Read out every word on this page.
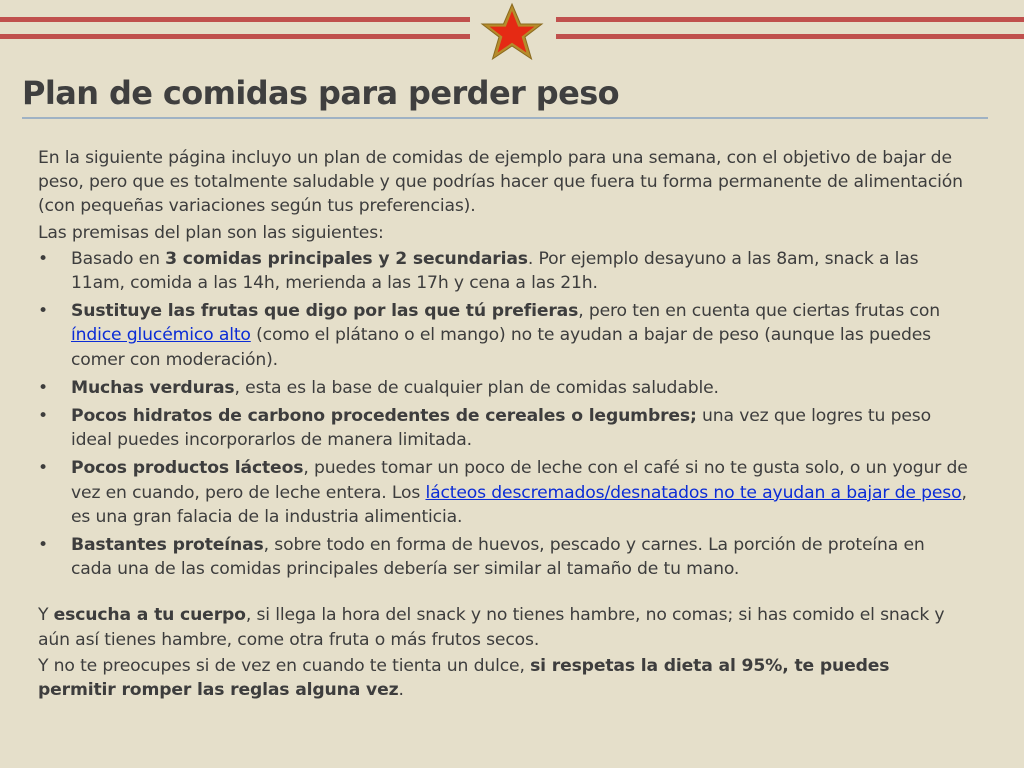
Plan de comidas para perder peso

En la siguiente página incluyo un plan de comidas de ejemplo para una semana, con el objetivo de bajar de peso, pero que es totalmente saludable y que podrías hacer que fuera tu forma permanente de alimentación (con pequeñas variaciones según tus preferencias).

Las premisas del plan son las siguientes:

• Basado en 3 comidas principales y 2 secundarias. Por ejemplo desayuno a las 8am, snack a las 11am, comida a las 14h, merienda a las 17h y cena a las 21h.
• Sustituye las frutas que digo por las que tú prefieras, pero ten en cuenta que ciertas frutas con índice glucémico alto (como el plátano o el mango) no te ayudan a bajar de peso (aunque las puedes comer con moderación).
• Muchas verduras, esta es la base de cualquier plan de comidas saludable.
• Pocos hidratos de carbono procedentes de cereales o legumbres; una vez que logres tu peso ideal puedes incorporarlos de manera limitada.
• Pocos productos lácteos, puedes tomar un poco de leche con el café si no te gusta solo, o un yogur de vez en cuando, pero de leche entera. Los lácteos descremados/desnatados no te ayudan a bajar de peso, es una gran falacia de la industria alimenticia.
• Bastantes proteínas, sobre todo en forma de huevos, pescado y carnes. La porción de proteína en cada una de las comidas principales debería ser similar al tamaño de tu mano.

Y escucha a tu cuerpo, si llega la hora del snack y no tienes hambre, no comas; si has comido el snack y aún así tienes hambre, come otra fruta o más frutos secos.

Y no te preocupes si de vez en cuando te tienta un dulce, si respetas la dieta al 95%, te puedes permitir romper las reglas alguna vez.
